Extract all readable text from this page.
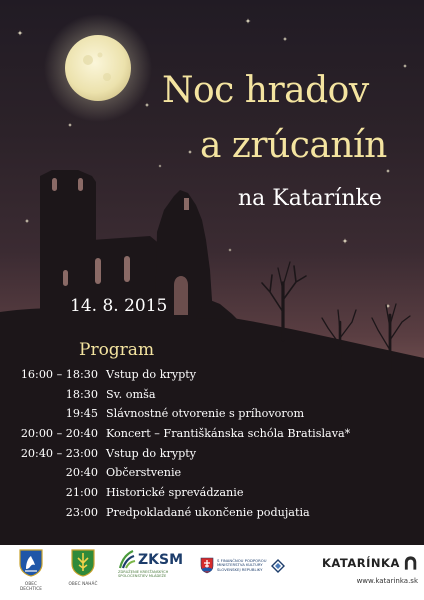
Noc hradov
a zrúcanín
na Katarínke
14. 8. 2015
Program
16:00 – 18:30 Vstup do krypty
18:30 Sv. omša
19:45 Slávnostné otvorenie s príhovorom
20:00 – 20:40 Koncert – Františkánska schóla Bratislava*
20:40 – 23:00 Vstup do krypty
20:40 Občerstvenie
21:00 Historické sprevádzanie
23:00 Predpokladané ukončenie podujatia
OBEC DECHTICE
OBEC NAHÁČ
ZKSM
ZDRUŽENIE KRESŤANSKÝCH
SPOLOČENSTIEV MLÁDEŽE
S FINANČNOU PODPOROU
MINISTERSTVA KULTÚRY
SLOVENSKEJ REPUBLIKY	KATARÍNKA
www.katarinka.sk
